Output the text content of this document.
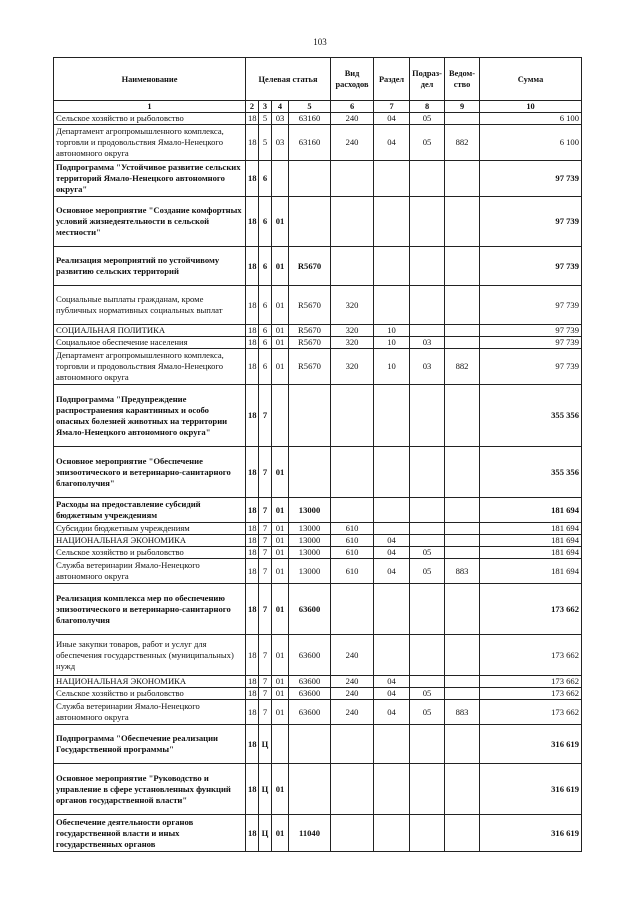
103
Наименование	Целевая статья				Вид расходов	Раздел	Подраз-дел	Ведом-ство	Сумма
1	2	3	4	5	6	7	8	9	10
Сельское хозяйство и рыболовство	18	5	03	63160	240	04	05		6 100
Департамент агропромышленного комплекса, торговли и продовольствия Ямало-Ненецкого автономного округа	18	5	03	63160	240	04	05	882	6 100
Подпрограмма "Устойчивое развитие сельских территорий Ямало-Ненецкого автономного округа"	18	6							97 739
Основное мероприятие "Создание комфортных условий жизнедеятельности в сельской местности"	18	6	01						97 739
Реализация мероприятий по устойчивому развитию сельских территорий	18	6	01	R5670					97 739
Социальные выплаты гражданам, кроме публичных нормативных социальных выплат	18	6	01	R5670	320				97 739
СОЦИАЛЬНАЯ ПОЛИТИКА	18	6	01	R5670	320	10			97 739
Социальное обеспечение населения	18	6	01	R5670	320	10	03		97 739
Департамент агропромышленного комплекса, торговли и продовольствия Ямало-Ненецкого автономного округа	18	6	01	R5670	320	10	03	882	97 739
Подпрограмма "Предупреждение распространения карантинных и особо опасных болезней животных на территории Ямало-Ненецкого автономного округа"	18	7							355 356
Основное мероприятие "Обеспечение эпизоотического и ветеринарно-санитарного благополучия"	18	7	01						355 356
Расходы на предоставление субсидий бюджетным учреждениям	18	7	01	13000					181 694
Субсидии бюджетным учреждениям	18	7	01	13000	610				181 694
НАЦИОНАЛЬНАЯ ЭКОНОМИКА	18	7	01	13000	610	04			181 694
Сельское хозяйство и рыболовство	18	7	01	13000	610	04	05		181 694
Служба ветеринарии Ямало-Ненецкого автономного округа	18	7	01	13000	610	04	05	883	181 694
Реализация комплекса мер по обеспечению эпизоотического и ветеринарно-санитарного благополучия	18	7	01	63600					173 662
Иные закупки товаров, работ и услуг для обеспечения государственных (муниципальных) нужд	18	7	01	63600	240				173 662
НАЦИОНАЛЬНАЯ ЭКОНОМИКА	18	7	01	63600	240	04			173 662
Сельское хозяйство и рыболовство	18	7	01	63600	240	04	05		173 662
Служба ветеринарии Ямало-Ненецкого автономного округа	18	7	01	63600	240	04	05	883	173 662
Подпрограмма "Обеспечение реализации Государственной программы"	18	Ц							316 619
Основное мероприятие "Руководство и управление в сфере установленных функций органов государственной власти"	18	Ц	01						316 619
Обеспечение деятельности органов государственной власти и иных государственных органов	18	Ц	01	11040					316 619
